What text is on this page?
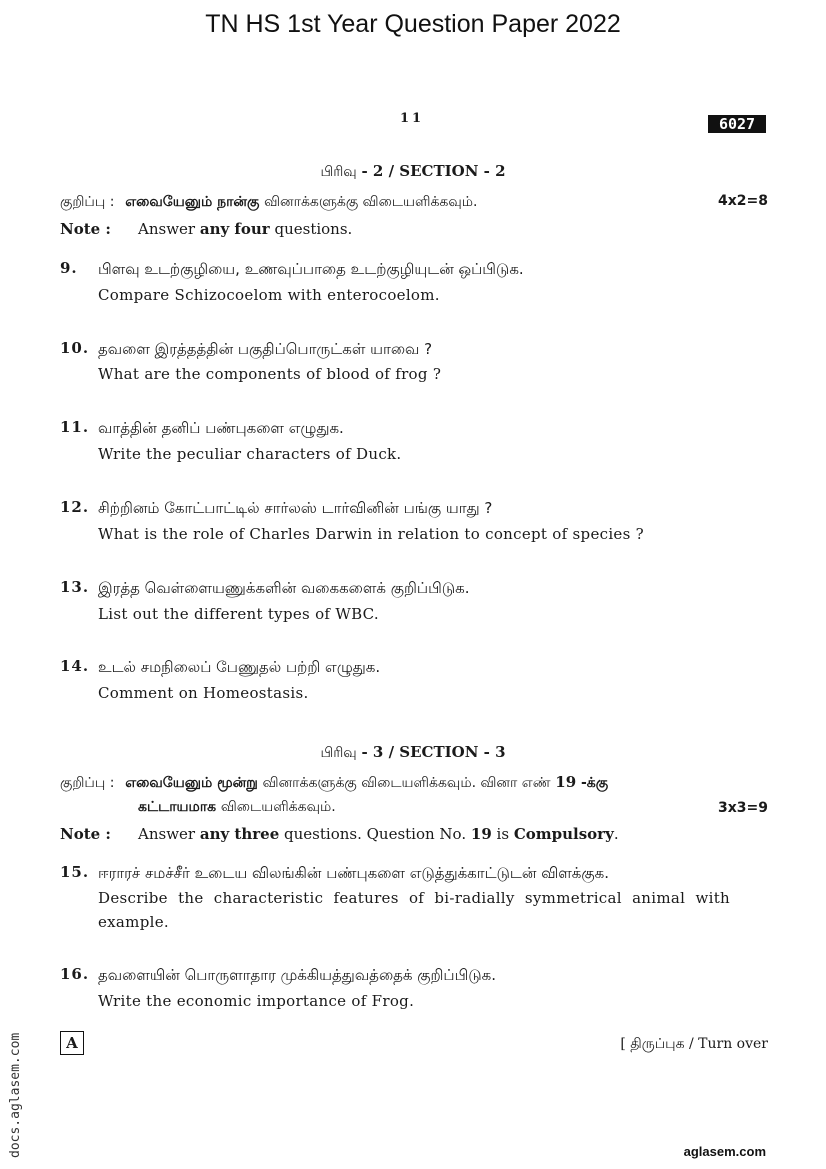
TN HS 1st Year Question Paper 2022
11	6027
பிரிவு - 2 / SECTION - 2
குறிப்பு : எவையேனும் நான்கு வினாக்களுக்கு விடையளிக்கவும்.	4x2=8
Note : Answer any four questions.
9. பிளவு உடற்குழியை, உணவுப்பாதை உடற்குழியுடன் ஒப்பிடுக.
Compare Schizocoelom with enterocoelom.
10. தவளை இரத்தத்தின் பகுதிப்பொருட்கள் யாவை ?
What are the components of blood of frog ?
11. வாத்தின் தனிப் பண்புகளை எழுதுக.
Write the peculiar characters of Duck.
12. சிற்றினம் கோட்பாட்டில் சார்லஸ் டார்வினின் பங்கு யாது ?
What is the role of Charles Darwin in relation to concept of species ?
13. இரத்த வெள்ளையணுக்களின் வகைகளைக் குறிப்பிடுக.
List out the different types of WBC.
14. உடல் சமநிலைப் பேணுதல் பற்றி எழுதுக.
Comment on Homeostasis.
பிரிவு - 3 / SECTION - 3
குறிப்பு : எவையேனும் மூன்று வினாக்களுக்கு விடையளிக்கவும். வினா எண் 19 -க்கு
கட்டாயமாக விடையளிக்கவும்.	3x3=9
Note : Answer any three questions. Question No. 19 is Compulsory.
15. ஈராரச் சமச்சீர் உடைய விலங்கின் பண்புகளை எடுத்துக்காட்டுடன் விளக்குக.
Describe the characteristic features of bi-radially symmetrical animal with example.
16. தவளையின் பொருளாதார முக்கியத்துவத்தைக் குறிப்பிடுக.
Write the economic importance of Frog.
A	[ திருப்புக / Turn over
docs.aglasem.com	aglasem.com
